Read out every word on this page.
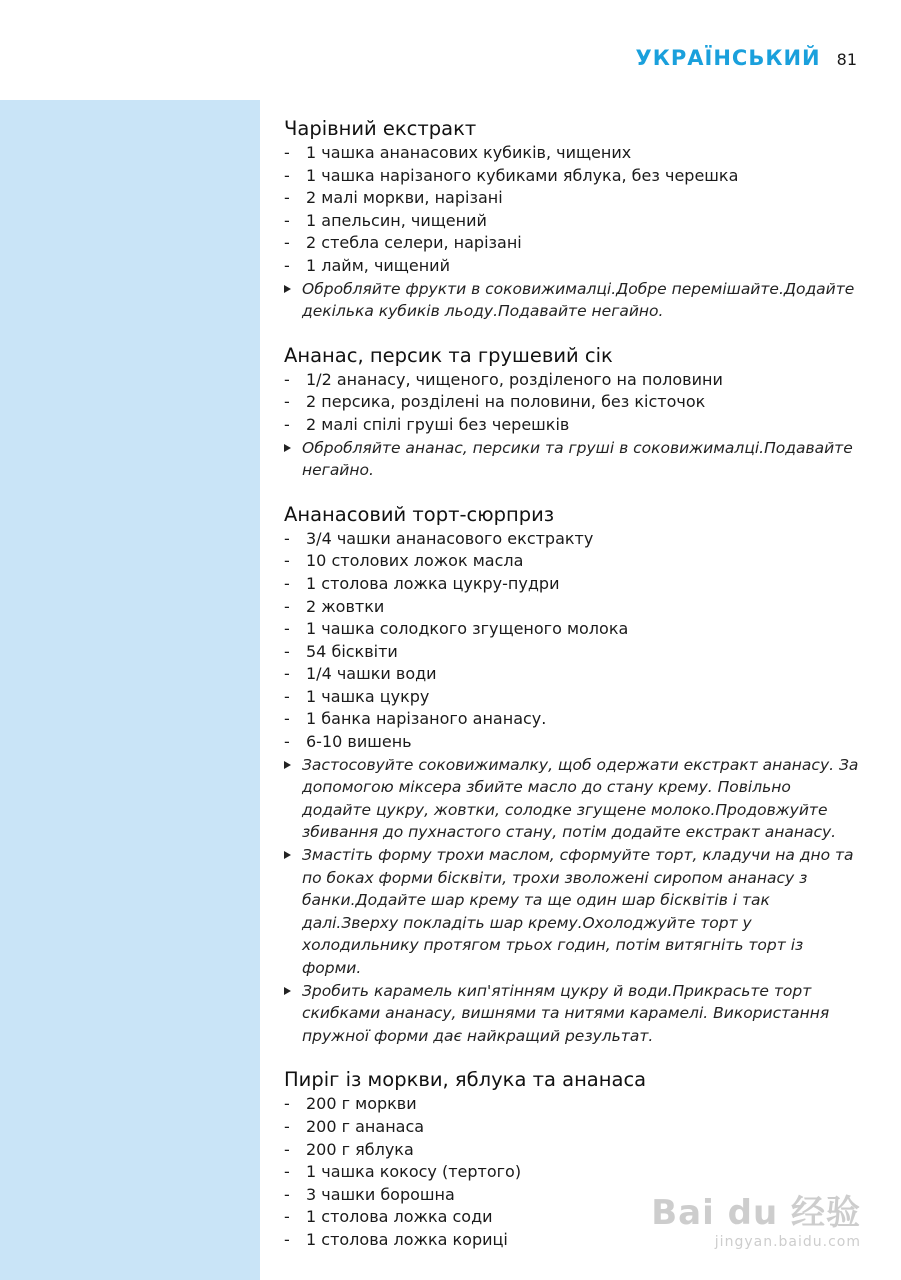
УКРАЇНСЬКИЙ 81
Чарівний екстракт
- 1 чашка ананасових кубиків, чищених
- 1 чашка нарізаного кубиками яблука, без черешка
- 2 малі моркви, нарізані
- 1 апельсин, чищений
- 2 стебла селери, нарізані
- 1 лайм, чищений
Обробляйте фрукти в соковижималці.Добре перемішайте.Додайте декілька кубиків льоду.Подавайте негайно.
Ананас, персик та грушевий сік
- 1/2 ананасу, чищеного, розділеного на половини
- 2 персика, розділені на половини, без кісточок
- 2 малі спілі груші без черешків
Обробляйте ананас, персики та груші в соковижималці.Подавайте негайно.
Ананасовий торт-сюрприз
- 3/4 чашки ананасового екстракту
- 10 столових ложок масла
- 1 столова ложка цукру-пудри
- 2 жовтки
- 1 чашка солодкого згущеного молока
- 54 бісквіти
- 1/4 чашки води
- 1 чашка цукру
- 1 банка нарізаного ананасу.
- 6-10 вишень
Застосовуйте соковижималку, щоб одержати екстракт ананасу. За допомогою міксера збийте масло до стану крему. Повільно додайте цукру, жовтки, солодке згущене молоко.Продовжуйте збивання до пухнастого стану, потім додайте екстракт ананасу.
Змастіть форму трохи маслом, сформуйте торт, кладучи на дно та по боках форми бісквіти, трохи зволожені сиропом ананасу з банки.Додайте шар крему та ще один шар бісквітів і так далі.Зверху покладіть шар крему.Охолоджуйте торт у холодильнику протягом трьох годин, потім витягніть торт із форми.
Зробить карамель кип'ятінням цукру й води.Прикрасьте торт скибками ананасу, вишнями та нитями карамелі. Використання пружної форми дає найкращий результат.
Пиріг із моркви, яблука та ананаса
- 200 г моркви
- 200 г ананаса
- 200 г яблука
- 1 чашка кокосу (тертого)
- 3 чашки борошна
- 1 столова ложка соди
- 1 столова ложка кориці
Bai du 经验
jingyan.baidu.com
